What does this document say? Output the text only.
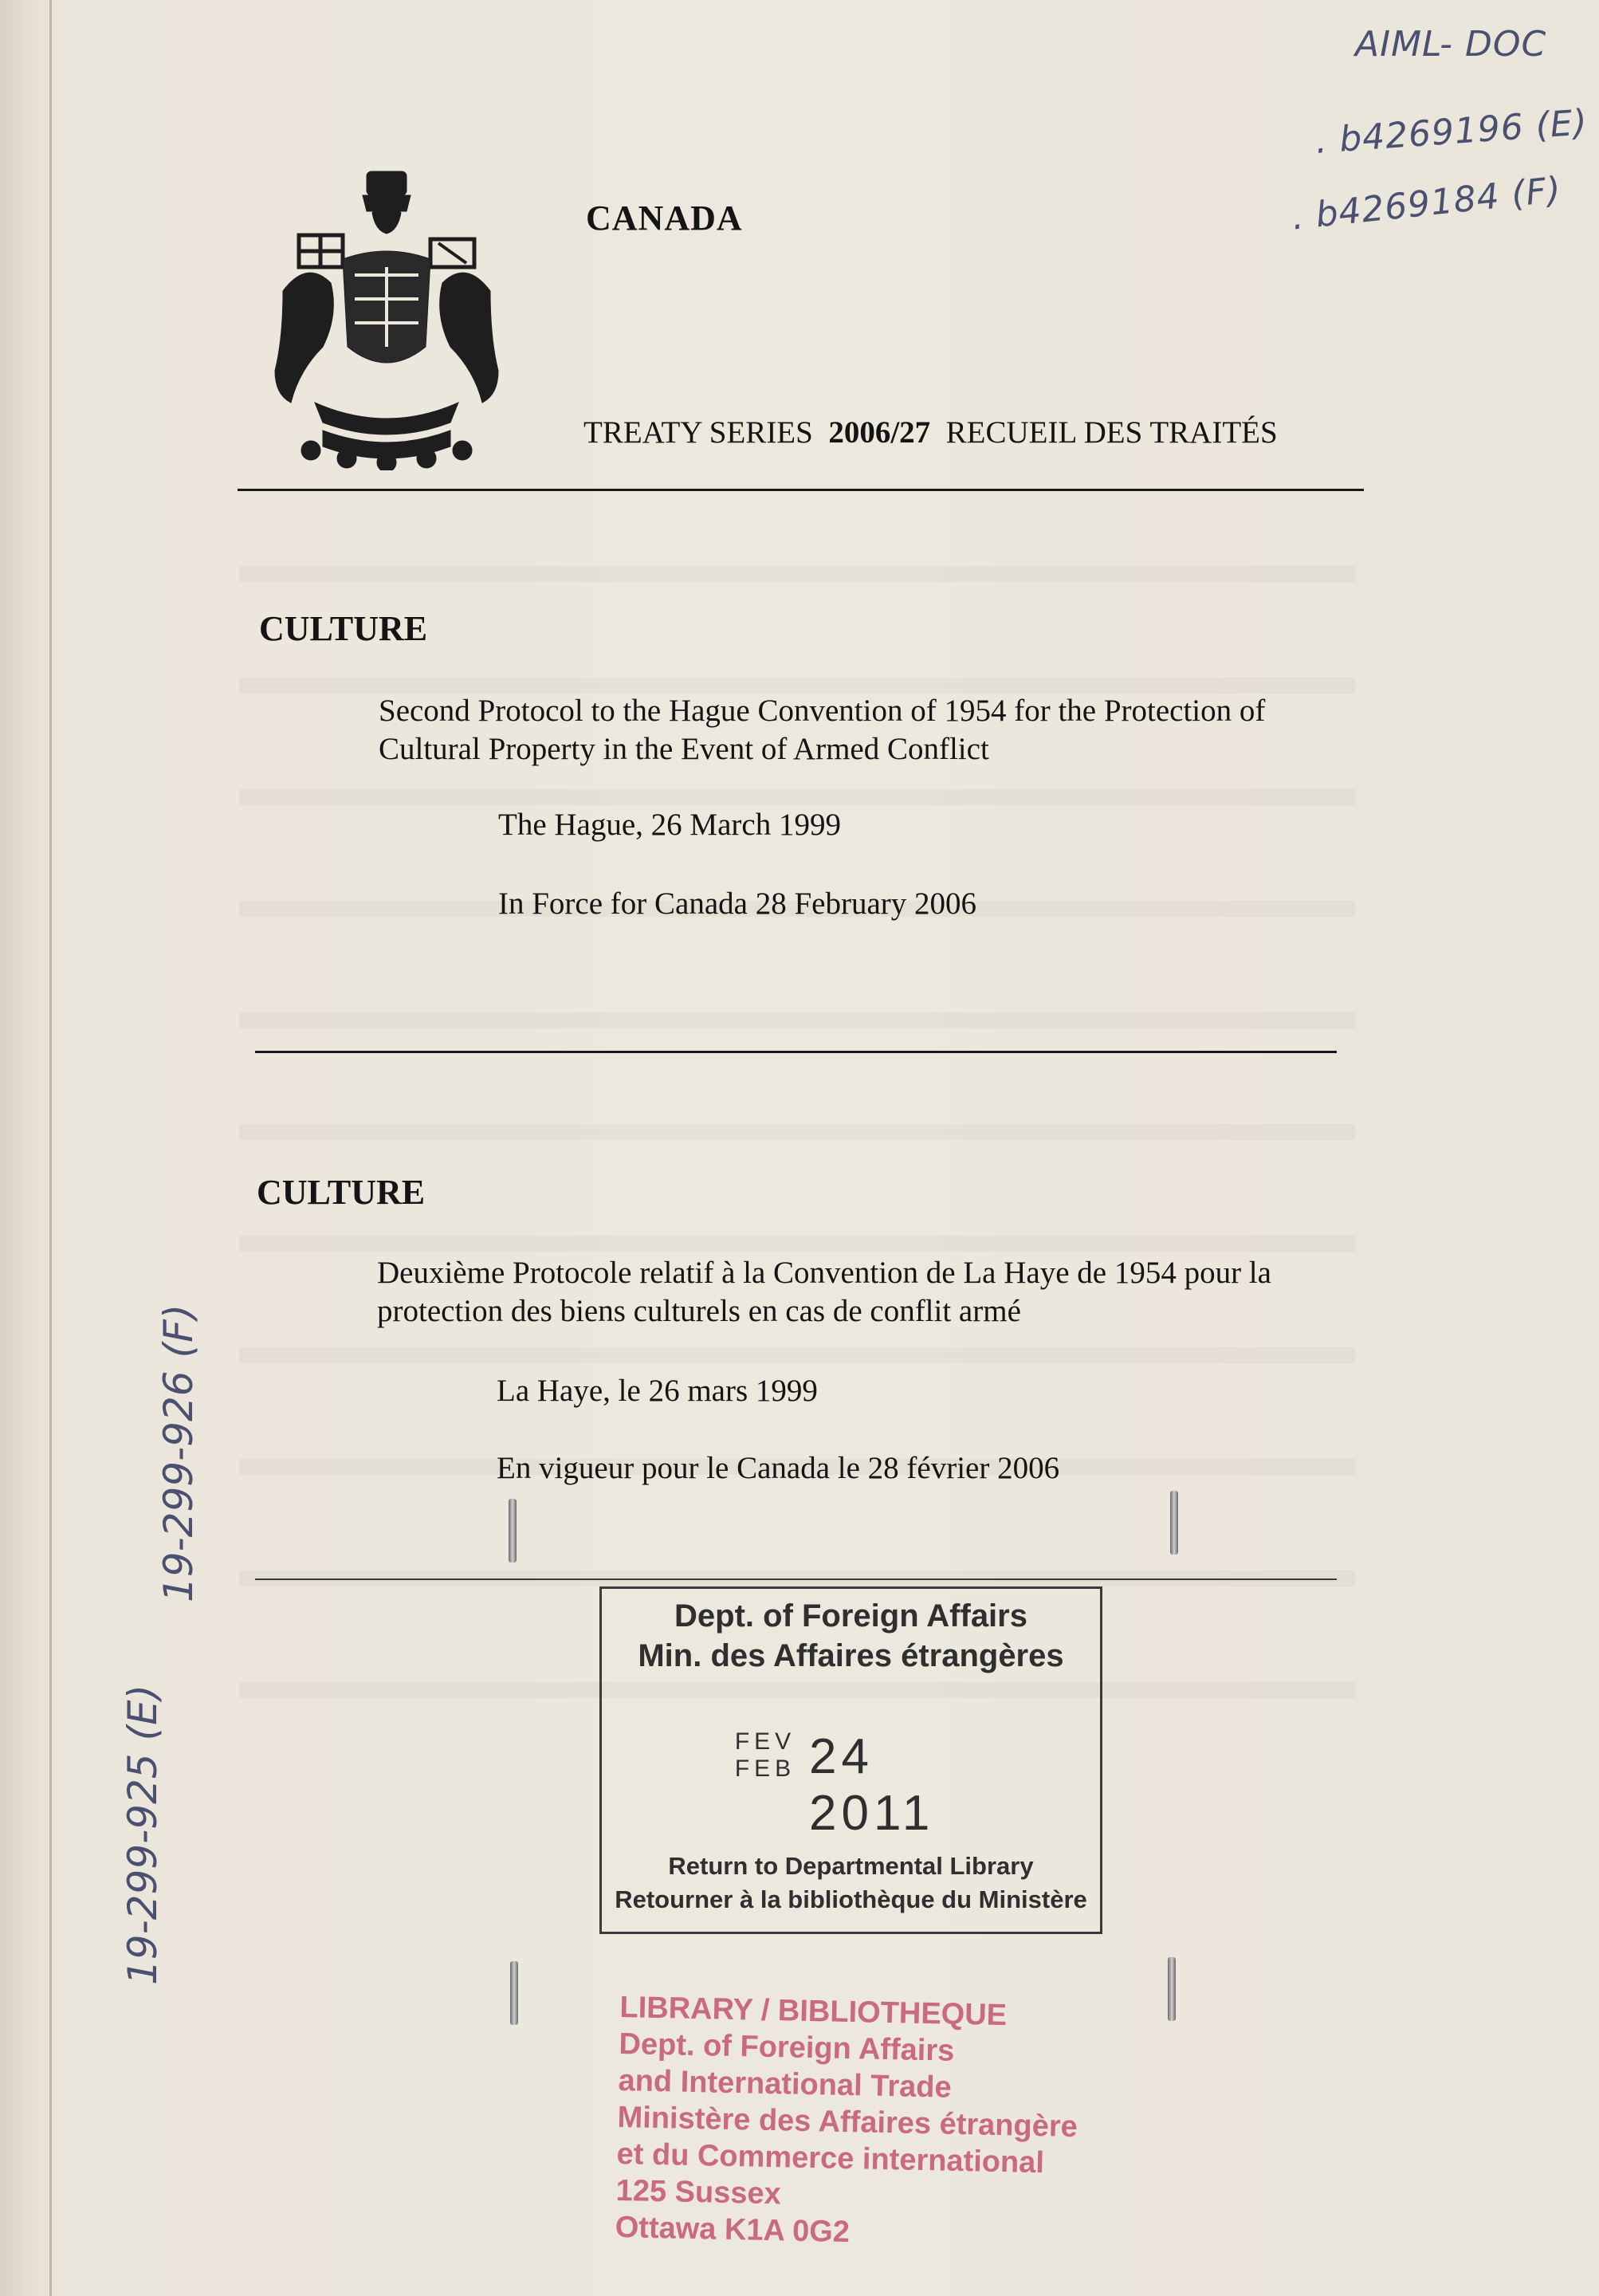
AIML- DOC
. b4269196 (E)
. b4269184 (F)
19-299-926 (F)
19-299-925 (E)
CANADA
TREATY SERIES 2006/27 RECUEIL DES TRAITÉS
CULTURE
Second Protocol to the Hague Convention of 1954 for the Protection of
Cultural Property in the Event of Armed Conflict
The Hague, 26 March 1999
In Force for Canada 28 February 2006
CULTURE
Deuxième Protocole relatif à la Convention de La Haye de 1954 pour la
protection des biens culturels en cas de conflit armé
La Haye, le 26 mars 1999
En vigueur pour le Canada le 28 février 2006
Dept. of Foreign Affairs
Min. des Affaires étrangères
FEV
FEB 24 2011
Return to Departmental Library
Retourner à la bibliothèque du Ministère
LIBRARY / BIBLIOTHEQUE
Dept. of Foreign Affairs
and International Trade
Ministère des Affaires étrangère
et du Commerce international
125 Sussex
Ottawa K1A 0G2
